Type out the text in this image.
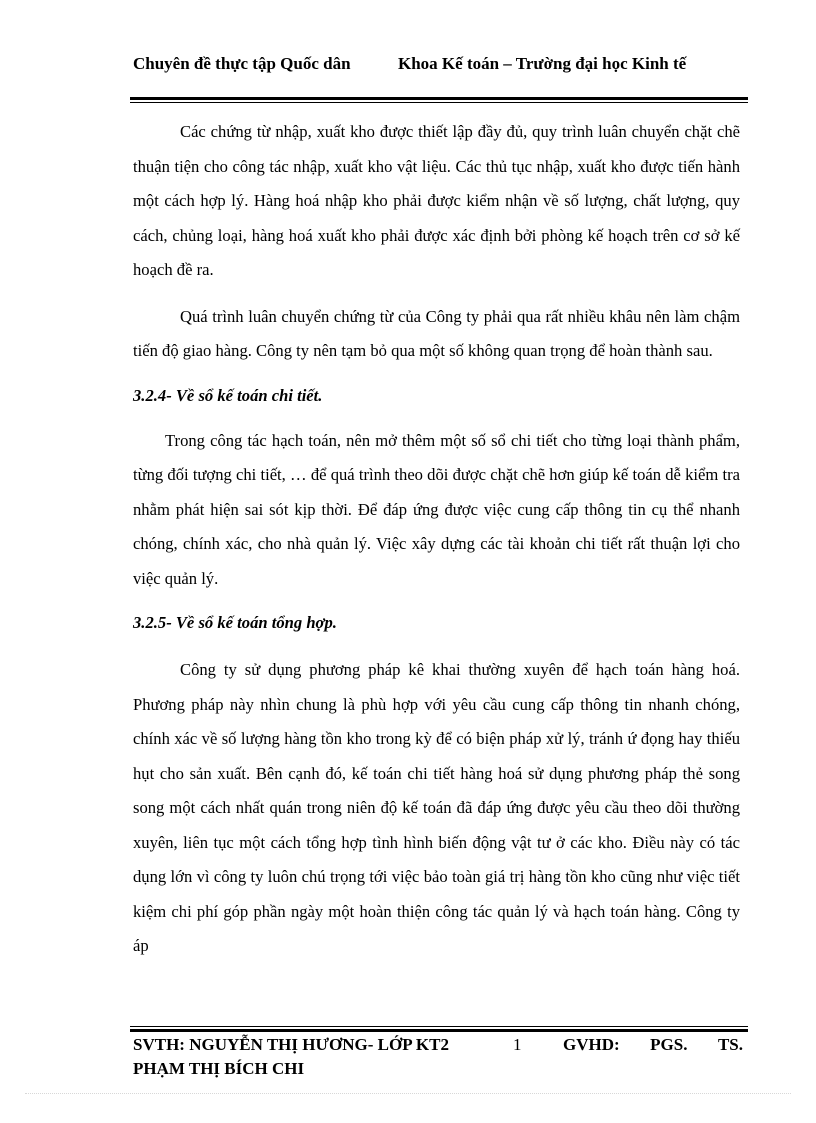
Chuyên đề thực tập Quốc dân	Khoa Kế toán – Trường đại học Kinh tế

Các chứng từ nhập, xuất kho được thiết lập đầy đủ, quy trình luân chuyển chặt chẽ thuận tiện cho công tác nhập, xuất kho vật liệu. Các thủ tục nhập, xuất kho được tiến hành một cách hợp lý. Hàng hoá nhập kho phải được kiểm nhận về số lượng, chất lượng, quy cách, chủng loại, hàng hoá xuất kho phải được xác định bởi phòng kế hoạch trên cơ sở kế hoạch đề ra.

Quá trình luân chuyển chứng từ của Công ty phải qua rất nhiều khâu nên làm chậm tiến độ giao hàng. Công ty nên tạm bỏ qua một số không quan trọng để hoàn thành sau.

3.2.4- Về sổ kế toán chi tiết.

Trong công tác hạch toán, nên mở thêm một số sổ chi tiết cho từng loại thành phẩm, từng đối tượng chi tiết, … để quá trình theo dõi được chặt chẽ hơn giúp kế toán dễ kiểm tra nhằm phát hiện sai sót kịp thời. Để đáp ứng được việc cung cấp thông tin cụ thể nhanh chóng, chính xác, cho nhà quản lý. Việc xây dựng các tài khoản chi tiết rất thuận lợi cho việc quản lý.

3.2.5- Về sổ kế toán tổng hợp.

Công ty sử dụng phương pháp kê khai thường xuyên để hạch toán hàng hoá. Phương pháp này nhìn chung là phù hợp với yêu cầu cung cấp thông tin nhanh chóng, chính xác về số lượng hàng tồn kho trong kỳ để có biện pháp xử lý, tránh ứ đọng hay thiếu hụt cho sản xuất. Bên cạnh đó, kế toán chi tiết hàng hoá sử dụng phương pháp thẻ song song một cách nhất quán trong niên độ kế toán đã đáp ứng được yêu cầu theo dõi thường xuyên, liên tục một cách tổng hợp tình hình biến động vật tư ở các kho. Điều này có tác dụng lớn vì công ty luôn chú trọng tới việc bảo toàn giá trị hàng tồn kho cũng như việc tiết kiệm chi phí góp phần ngày một hoàn thiện công tác quản lý và hạch toán hàng. Công ty áp

SVTH: NGUYỄN THỊ HƯƠNG- LỚP KT2	1	GVHD: PGS. TS.
PHẠM THỊ BÍCH CHI
